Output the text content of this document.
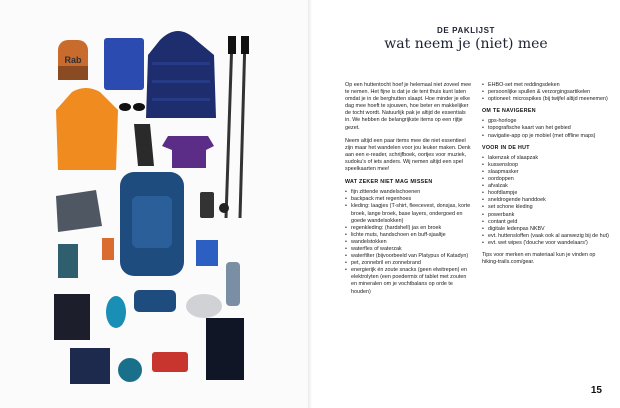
Rab
DE PAKLIJST
wat neem je (niet) mee

Op een huttentocht hoef je helemaal niet zoveel mee te nemen. Het fijne is dat je de tent thuis kunt laten omdat je in de berghutten slaapt. Hoe minder je elke dag mee hoeft te sjouwen, hoe beter en makkelijker de tocht wordt. Natuurlijk pak je altijd de essentials in. We hebben de belangrijkste items op een rijtje gezet.

Neem altijd een paar items mee die niet essentieel zijn maar het wandelen voor jou leuker maken. Denk aan een e-reader, schrijfboek, oortjes voor muziek, sudoku's of iets anders. Wij nemen altijd een spel speelkaarten mee!

WAT ZEKER NIET MAG MISSEN
• fijn zittende wandelschoenen
• backpack met regenhoes
• kleding: laagjes (T-shirt, fleecevest, donsjas, korte broek, lange broek, base layers, ondergoed en goede wandelsokken)
• regenkleding: (hardshell) jas en broek
• lichte muts, handschoen en buff-sjaaltje
• wandelstokken
• waterfles of waterzak
• waterfilter (bijvoorbeeld van Platypus of Katadyn)
• pet, zonnebril en zonnebrand
• energierijk én zoute snacks (geen elwitrepen) en elektrolyten (een poedermix of tablet met zouten en mineralen om je vochtbalans op orde te houden)
• EHBO-set met reddingsdeken
• persoonlijke spullen & verzorgingsartikelen
• optioneel: microspikes (bij twijfel altijd meenemen)
OM TE NAVIGEREN
• gps-horloge
• topografische kaart van het gebied
• navigatie-app op je mobiel (met offline maps)
VOOR IN DE HUT
• lakenzak of slaapzak
• kussensloop
• slaapmasker
• oordoppen
• afvalzak
• hoofdlampje
• sneldrogende handdoek
• set schone kleding
• powerbank
• contant geld
• digitale ledenpas NKBV
• evt. huttensloffen (vaak ook al aanwezig bij de hut)
• evt. wet wipes ('douche voor wandelaars')

Tips voor merken en materiaal kun je vinden op hiking-trails.com/gear.

15
